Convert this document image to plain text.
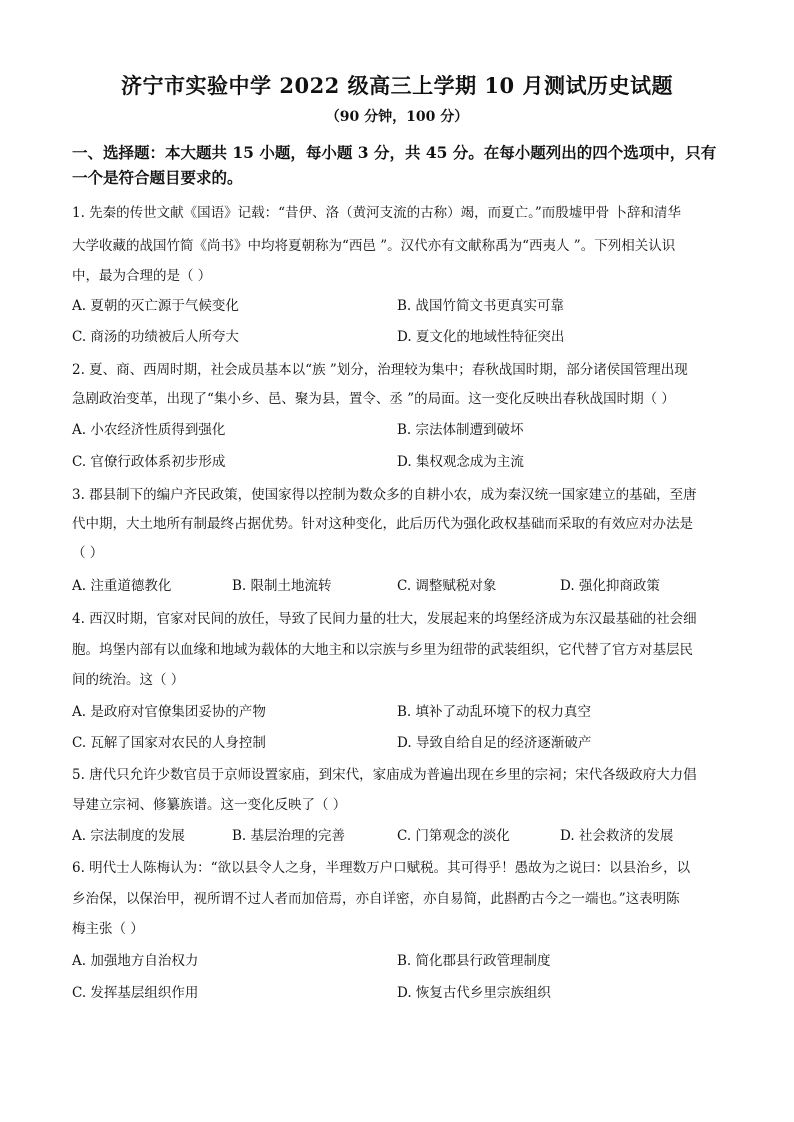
济宁市实验中学 2022 级高三上学期 10 月测试历史试题
（90 分钟，100 分）
一、选择题：本大题共 15 小题，每小题 3 分，共 45 分。在每小题列出的四个选项中，只有
一个是符合题目要求的。
1. 先秦的传世文献《国语》记载：“昔伊、洛（黄河支流的古称）竭，而夏亡。”而殷墟甲骨 卜辞和清华
大学收藏的战国竹简《尚书》中均将夏朝称为“西邑 ”。汉代亦有文献称禹为“西夷人 ”。下列相关认识
中，最为合理的是（ ）
A. 夏朝的灭亡源于气候变化	B. 战国竹简文书更真实可靠
C. 商汤的功绩被后人所夸大	D. 夏文化的地域性特征突出
2. 夏、商、西周时期，社会成员基本以“族 ”划分，治理较为集中；春秋战国时期，部分诸侯国管理出现
急剧政治变革，出现了“集小乡、邑、聚为县，置令、丞 ”的局面。这一变化反映出春秋战国时期（ ）
A. 小农经济性质得到强化	B. 宗法体制遭到破坏
C. 官僚行政体系初步形成	D. 集权观念成为主流
3. 郡县制下的编户齐民政策，使国家得以控制为数众多的自耕小农，成为秦汉统一国家建立的基础，至唐
代中期，大土地所有制最终占据优势。针对这种变化，此后历代为强化政权基础而采取的有效应对办法是
（ ）
A. 注重道德教化	B. 限制土地流转	C. 调整赋税对象	D. 强化抑商政策
4. 西汉时期，官家对民间的放任，导致了民间力量的壮大，发展起来的坞堡经济成为东汉最基础的社会细
胞。坞堡内部有以血缘和地域为载体的大地主和以宗族与乡里为纽带的武装组织，它代替了官方对基层民
间的统治。这（ ）
A. 是政府对官僚集团妥协的产物	B. 填补了动乱环境下的权力真空
C. 瓦解了国家对农民的人身控制	D. 导致自给自足的经济逐渐破产
5. 唐代只允许少数官员于京师设置家庙，到宋代，家庙成为普遍出现在乡里的宗祠；宋代各级政府大力倡
导建立宗祠、修纂族谱。这一变化反映了（ ）
A. 宗法制度的发展	B. 基层治理的完善	C. 门第观念的淡化	D. 社会救济的发展
6. 明代士人陈梅认为：“欲以县令人之身，半理数万户口赋税。其可得乎！愚故为之说曰：以县治乡，以
乡治保，以保治甲，视所谓不过人者而加倍焉，亦自详密，亦自易简，此斟酌古今之一端也。”这表明陈
梅主张（ ）
A. 加强地方自治权力	B. 简化郡县行政管理制度
C. 发挥基层组织作用	D. 恢复古代乡里宗族组织
